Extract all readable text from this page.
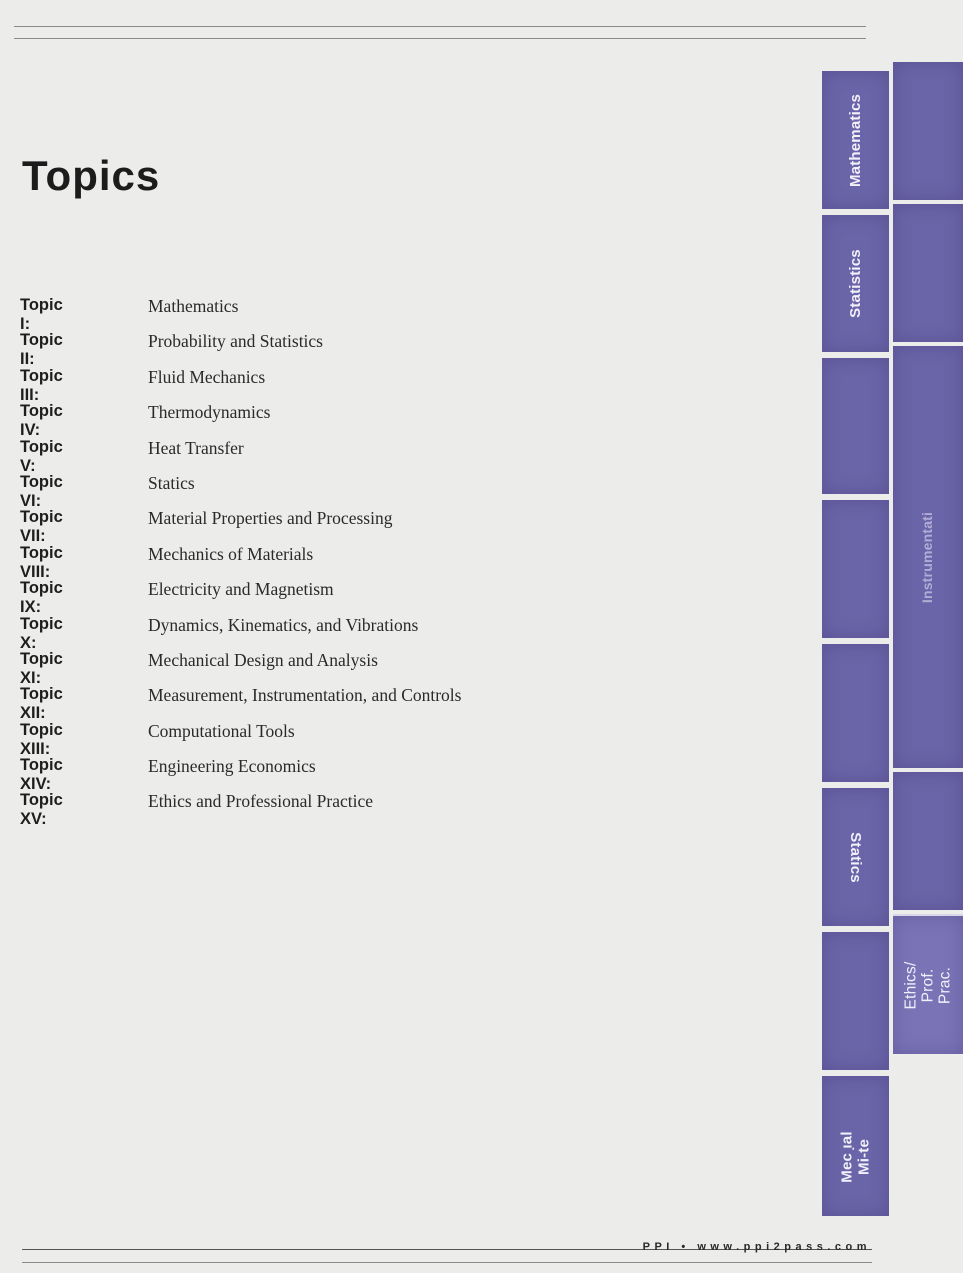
Topics
Topic I:
Mathematics
Topic II:
Probability and Statistics
Topic III:
Fluid Mechanics
Topic IV:
Thermodynamics
Topic V:
Heat Transfer
Topic VI:
Statics
Topic VII:
Material Properties and Processing
Topic VIII:
Mechanics of Materials
Topic IX:
Electricity and Magnetism
Topic X:
Dynamics, Kinematics, and Vibrations
Topic XI:
Mechanical Design and Analysis
Topic XII:
Measurement, Instrumentation, and Controls
Topic XIII:
Computational Tools
Topic XIV:
Engineering Economics
Topic XV:
Ethics and Professional Practice
Mathematics
Statistics
Statics
Mec ̣ıal Mi-te
Instrumentati
Ethics/ Prof. Prac.
PPI • www.ppi2pass.com
